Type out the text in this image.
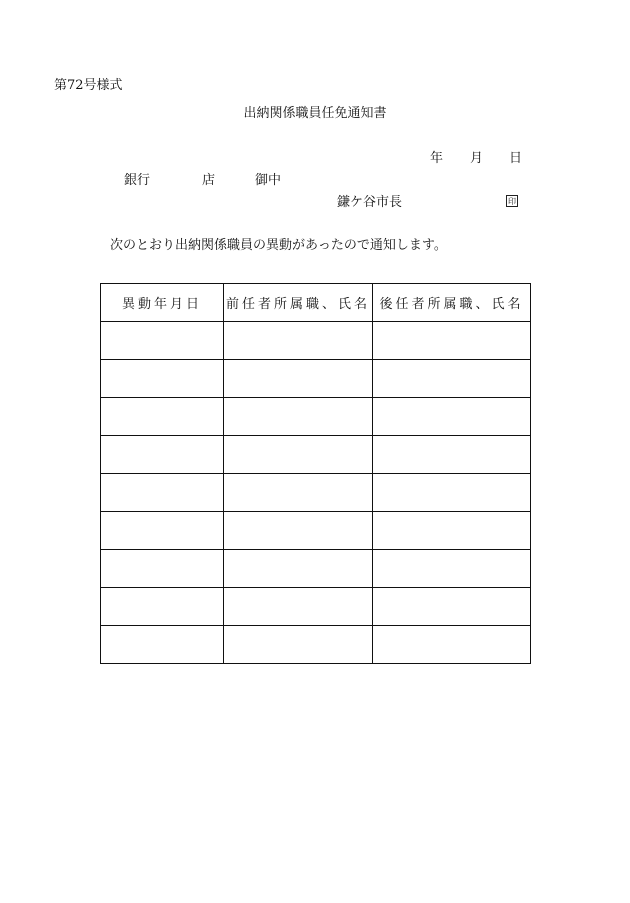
第72号様式
出納関係職員任免通知書
年 月 日
銀行	店	御中
鎌ケ谷市長	印
次のとおり出納関係職員の異動があったので通知します。
異動年月日	前任者所属職、氏名	後任者所属職、氏名
